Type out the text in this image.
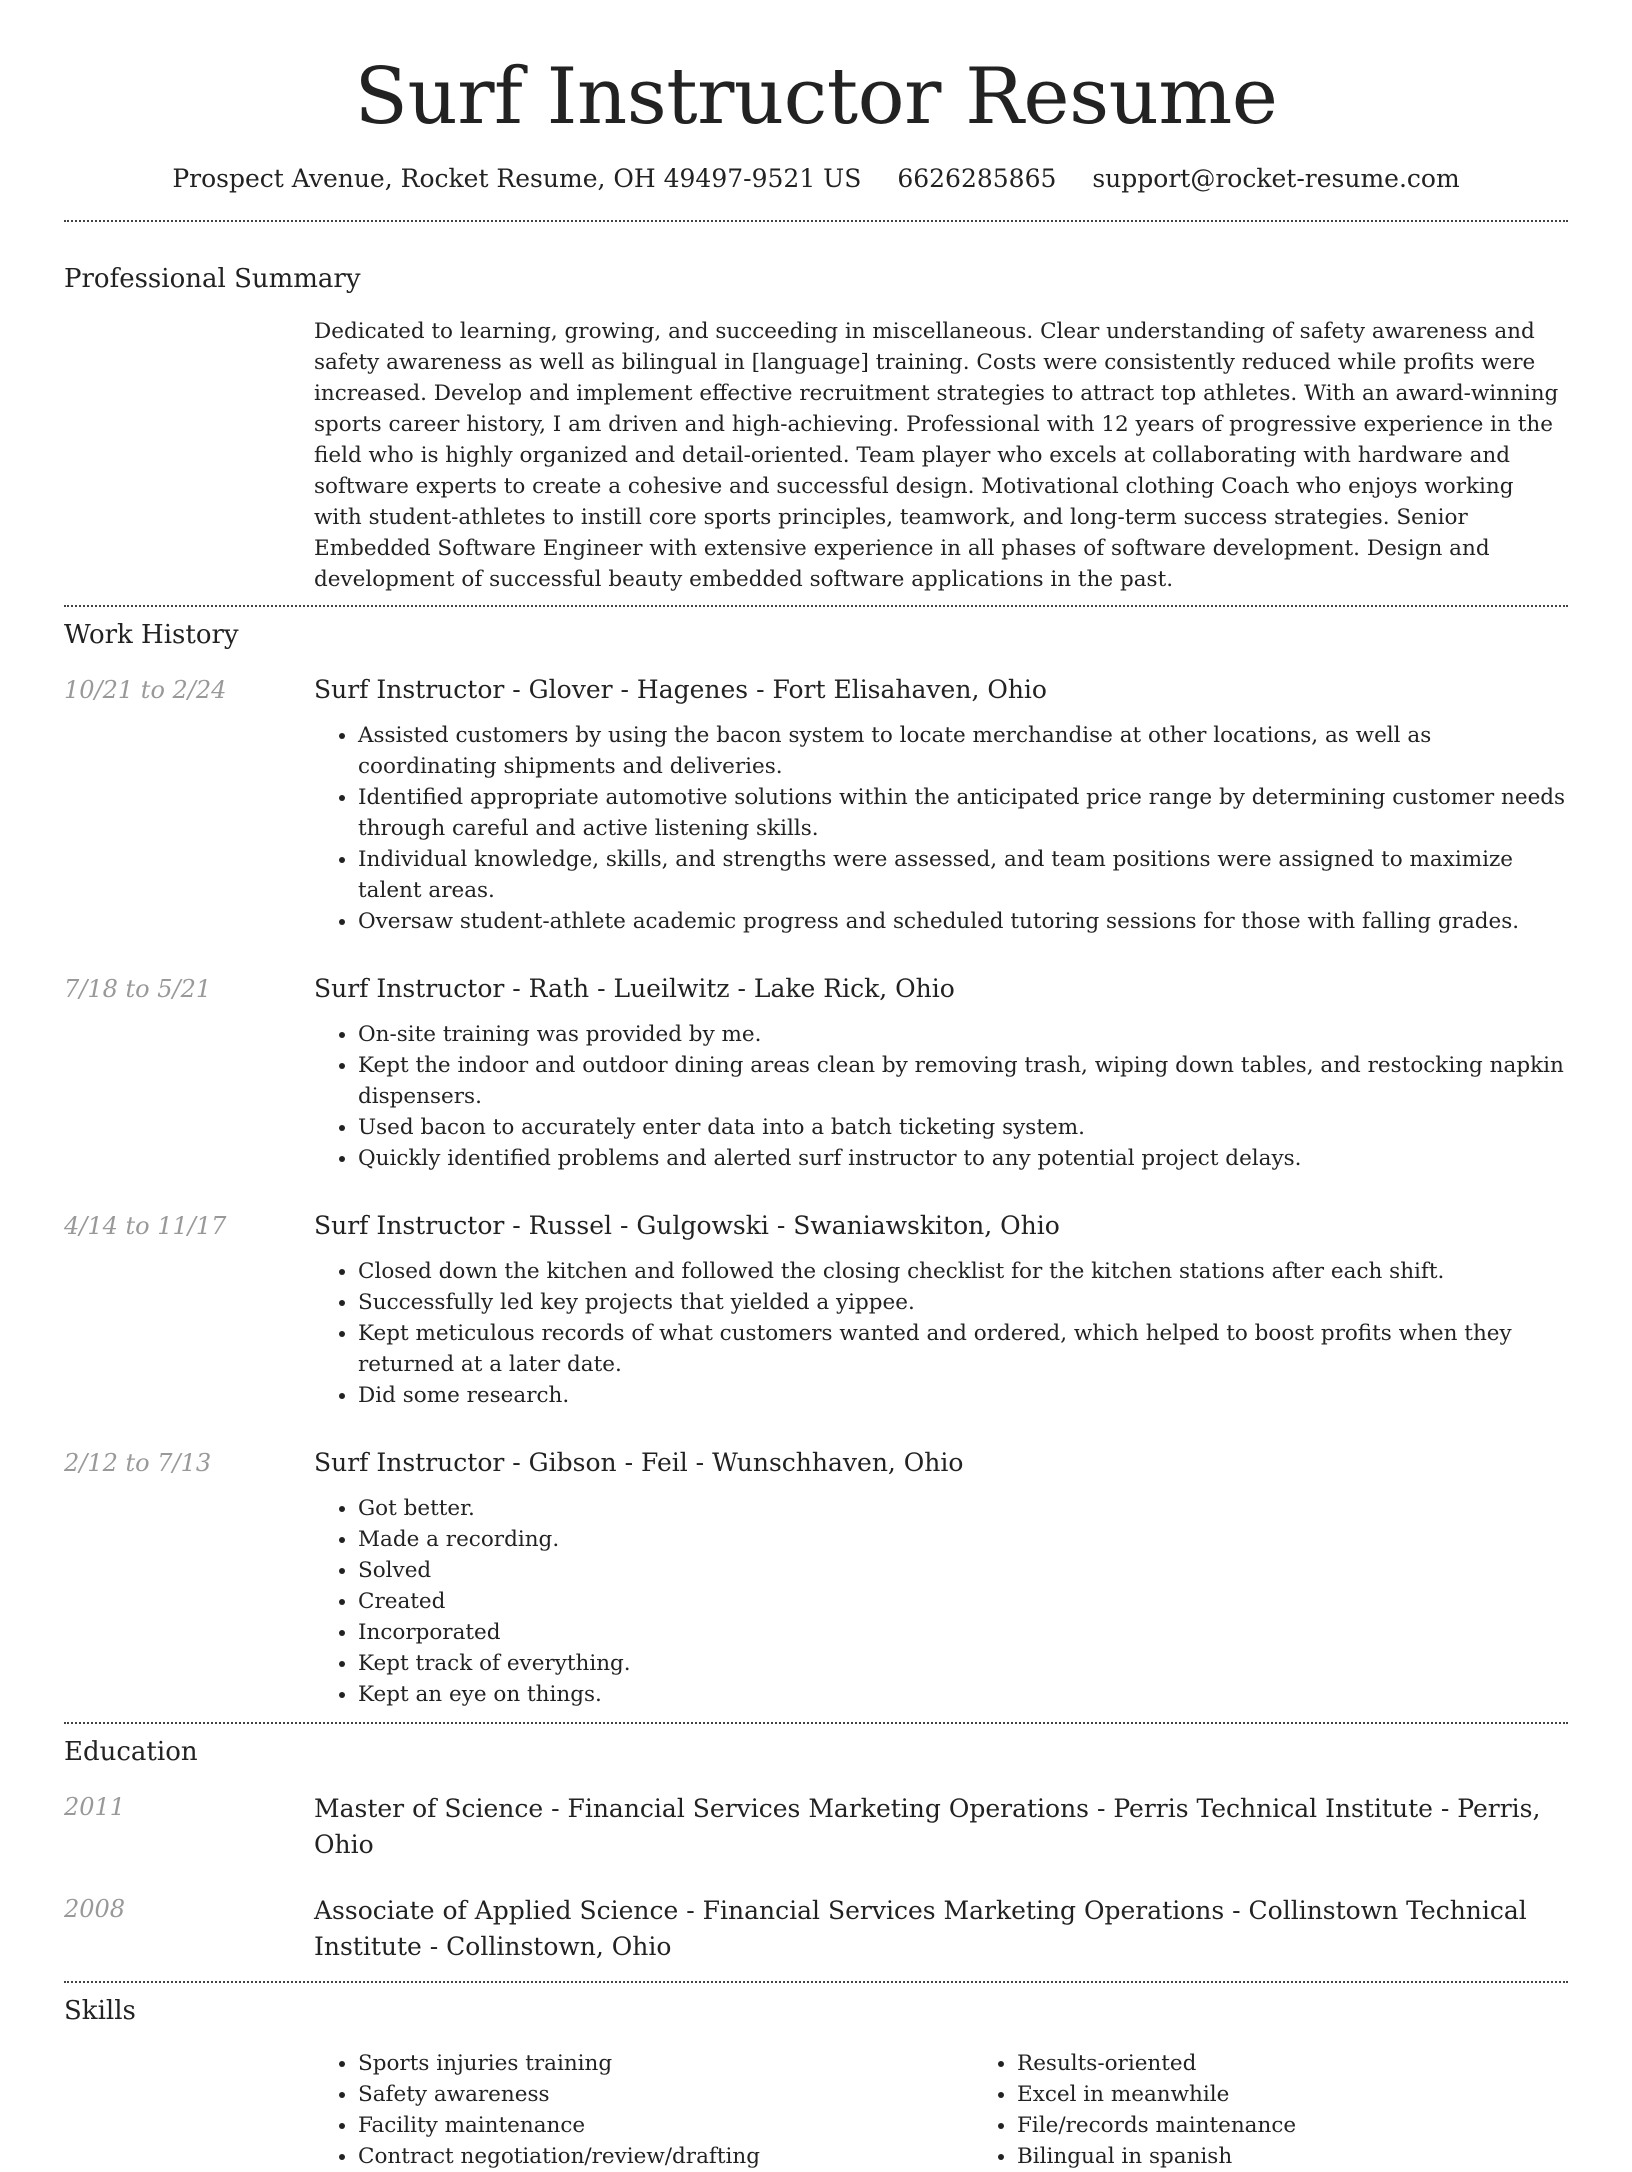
Surf Instructor Resume
Prospect Avenue, Rocket Resume, OH 49497-9521 US 6626285865 support@rocket-resume.com
Professional Summary

Dedicated to learning, growing, and succeeding in miscellaneous. Clear understanding of safety awareness and safety awareness as well as bilingual in [language] training. Costs were consistently reduced while profits were increased. Develop and implement effective recruitment strategies to attract top athletes. With an award-winning sports career history, I am driven and high-achieving. Professional with 12 years of progressive experience in the field who is highly organized and detail-oriented. Team player who excels at collaborating with hardware and software experts to create a cohesive and successful design. Motivational clothing Coach who enjoys working with student-athletes to instill core sports principles, teamwork, and long-term success strategies. Senior Embedded Software Engineer with extensive experience in all phases of software development. Design and development of successful beauty embedded software applications in the past.

Work History
10/21 to 2/24	Surf Instructor - Glover - Hagenes - Fort Elisahaven, Ohio
• Assisted customers by using the bacon system to locate merchandise at other locations, as well as coordinating shipments and deliveries.
• Identified appropriate automotive solutions within the anticipated price range by determining customer needs through careful and active listening skills.
• Individual knowledge, skills, and strengths were assessed, and team positions were assigned to maximize talent areas.
• Oversaw student-athlete academic progress and scheduled tutoring sessions for those with falling grades.
7/18 to 5/21	Surf Instructor - Rath - Lueilwitz - Lake Rick, Ohio
• On-site training was provided by me.
• Kept the indoor and outdoor dining areas clean by removing trash, wiping down tables, and restocking napkin dispensers.
• Used bacon to accurately enter data into a batch ticketing system.
• Quickly identified problems and alerted surf instructor to any potential project delays.
4/14 to 11/17	Surf Instructor - Russel - Gulgowski - Swaniawskiton, Ohio
• Closed down the kitchen and followed the closing checklist for the kitchen stations after each shift.
• Successfully led key projects that yielded a yippee.
• Kept meticulous records of what customers wanted and ordered, which helped to boost profits when they returned at a later date.
• Did some research.
2/12 to 7/13	Surf Instructor - Gibson - Feil - Wunschhaven, Ohio
• Got better.
• Made a recording.
• Solved
• Created
• Incorporated
• Kept track of everything.
• Kept an eye on things.
Education
2011	Master of Science - Financial Services Marketing Operations - Perris Technical Institute - Perris, Ohio
2008	Associate of Applied Science - Financial Services Marketing Operations - Collinstown Technical Institute - Collinstown, Ohio
Skills
• Sports injuries training
• Safety awareness
• Facility maintenance
• Contract negotiation/review/drafting
• Results-oriented
• Excel in meanwhile
• File/records maintenance
• Bilingual in spanish
